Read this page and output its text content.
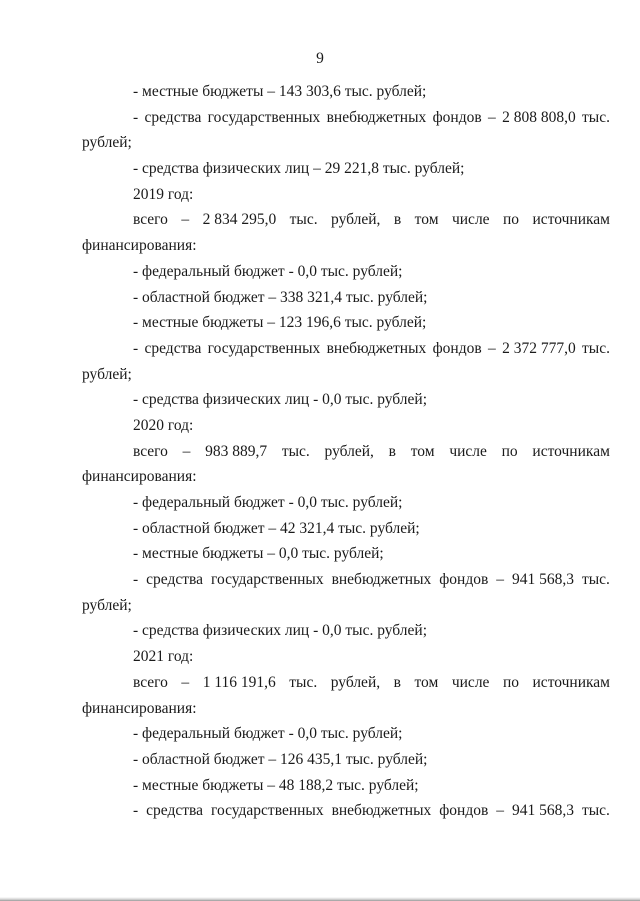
9
- местные бюджеты – 143 303,6 тыс. рублей;
- средства государственных внебюджетных фондов – 2 808 808,0 тыс.
рублей;
- средства физических лиц – 29 221,8 тыс. рублей;
2019 год:
всего – 2 834 295,0 тыс. рублей, в том числе по источникам
финансирования:
- федеральный бюджет - 0,0 тыс. рублей;
- областной бюджет – 338 321,4 тыс. рублей;
- местные бюджеты – 123 196,6 тыс. рублей;
- средства государственных внебюджетных фондов – 2 372 777,0 тыс.
рублей;
- средства физических лиц - 0,0 тыс. рублей;
2020 год:
всего – 983 889,7 тыс. рублей, в том числе по источникам
финансирования:
- федеральный бюджет - 0,0 тыс. рублей;
- областной бюджет – 42 321,4 тыс. рублей;
- местные бюджеты – 0,0 тыс. рублей;
- средства государственных внебюджетных фондов – 941 568,3 тыс.
рублей;
- средства физических лиц - 0,0 тыс. рублей;
2021 год:
всего – 1 116 191,6 тыс. рублей, в том числе по источникам
финансирования:
- федеральный бюджет - 0,0 тыс. рублей;
- областной бюджет – 126 435,1 тыс. рублей;
- местные бюджеты – 48 188,2 тыс. рублей;
- средства государственных внебюджетных фондов – 941 568,3 тыс.
